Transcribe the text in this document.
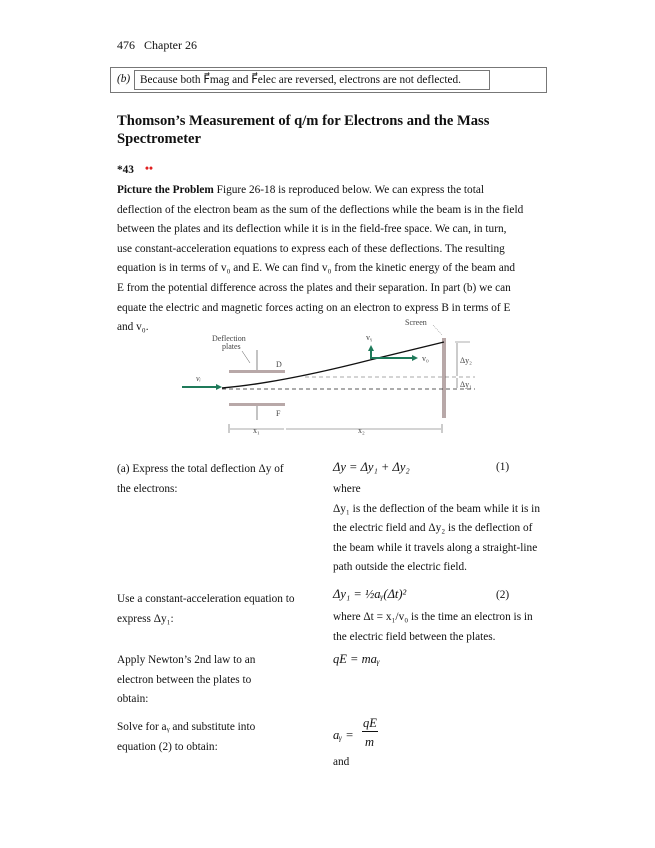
476 Chapter 26
(b) Because both F⃗mag and F⃗elec are reversed, electrons are not deflected.
Thomson’s Measurement of q/m for Electrons and the Mass
Spectrometer
*43 ••
Picture the Problem Figure 26-18 is reproduced below. We can express the total
deflection of the electron beam as the sum of the deflections while the beam is in the field
between the plates and its deflection while it is in the field-free space. We can, in turn,
use constant-acceleration equations to express each of these deflections. The resulting
equation is in terms of v₀ and E. We can find v₀ from the kinetic energy of the beam and
E from the potential difference across the plates and their separation. In part (b) we can
equate the electric and magnetic forces acting on an electron to express B in terms of E
and v₀.
Deflection
plates
Screen
D
F
vᵢ
vᵧ
v₀	Δy₂
Δy₁
x₁	x₂
(a) Express the total deflection Δy of the electrons:
Δy = Δy₁ + Δy₂	(1)
where
Δy₁ is the deflection of the beam while it is in the electric field and Δy₂ is the deflection of the beam while it travels along a straight-line path outside the electric field.
Use a constant-acceleration equation to express Δy₁:
Δy₁ = ½aᵧ(Δt)²	(2)
where Δt = x₁/v₀ is the time an electron is in the electric field between the plates.
Apply Newton’s 2nd law to an electron between the plates to obtain:
qE = maᵧ
Solve for aᵧ and substitute into equation (2) to obtain:
aᵧ =
qE
m
and
